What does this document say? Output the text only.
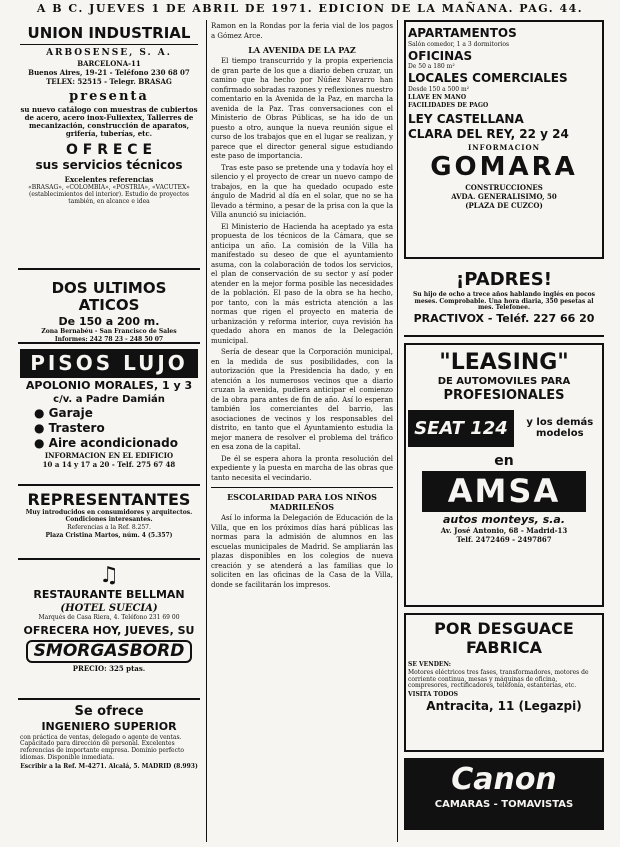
A B C. JUEVES 1 DE ABRIL DE 1971. EDICION DE LA MAÑANA. PAG. 44.
UNION INDUSTRIAL
ARBOSENSE, S. A.
BARCELONA-11
Buenos Aires, 19-21 - Teléfono 230 68 07
TELEX: 52515 - Telegr. BRASAG
presenta
su nuevo catálogo con muestras de cubiertos de acero, acero inox-Fuliextex, Tallerres de mecanización, construcción de aparatos, grifería, tuberías, etc.
O F R E C E
sus servicios técnicos
Excelentes referencias
«BRASAG», «COLOMBIA», «POSTRIA», «VACUTEX» (establecimientos del interior). Estudio de proyectos también, en alcance e idea
DOS ULTIMOS ATICOS
De 150 a 200 m.
Zona Bernabéu - San Francisco de Sales
Informes: 242 78 23 - 248 50 07
PISOS LUJO
APOLONIO MORALES, 1 y 3
c/v. a Padre Damián
● Garaje
● Trastero
● Aire acondicionado
INFORMACION EN EL EDIFICIO
10 a 14 y 17 a 20 - Telf. 275 67 48
REPRESENTANTES
Muy introducidos en consumidores y arquitectos. Condiciones interesantes.
Referencias a la Ref. 8.257.
Plaza Cristina Martos, núm. 4 (5.357)
♫
RESTAURANTE BELLMAN
(HOTEL SUECIA)
Marqués de Casa Riera, 4. Teléfono 231 69 00
OFRECERA HOY, JUEVES, SU
SMÖRGASBORD
PRECIO: 325 ptas.
Se ofrece
INGENIERO SUPERIOR
con práctica de ventas, delegado o agente de ventas. Capacitado para dirección de personal. Excelentes referencias de importante empresa. Dominio perfecto idiomas. Disponible inmediata.
Escribir a la Ref. M-4271. Alcalá, 5. MADRID (8.993)

Ramon en la Rondas por la feria vial de los pagos a Gómez Arce.

LA AVENIDA DE LA PAZ

El tiempo transcurrido y la propia experiencia de gran parte de los que a diario deben cruzar, un camino que ha hecho por Núñez Navarro han confirmado sobradas razones y reflexiones nuestro comentario en la Avenida de la Paz, en marcha la avenida de la Paz. Tras conversaciones con el Ministerio de Obras Públicas, se ha ido de un puesto a otro, aunque la nueva reunión sigue el curso de los trabajos que en el lugar se realizan, y parece que el director general sigue estudiando este paso de importancia.

Tras este paso se pretende una y todavía hoy el silencio y el proyecto de crear un nuevo campo de trabajos, en la que ha quedado ocupado este ángulo de Madrid al día en el solar, que no se ha llevado a término, a pesar de la prisa con la que la Villa anunció su iniciación.

El Ministerio de Hacienda ha aceptado ya esta propuesta de los técnicos de la Cámara, que se anticipa un año. La comisión de la Villa ha manifestado su deseo de que el ayuntamiento asuma, con la colaboración de todos los servicios, el plan de conservación de su sector y así poder atender en la mejor forma posible las necesidades de la población. El paso de la obra se ha hecho, por tanto, con la más estricta atención a las normas que rigen el proyecto en materia de urbanización y reforma interior, cuya revisión ha quedado ahora en manos de la Delegación municipal.

Sería de desear que la Corporación municipal, en la medida de sus posibilidades, con la autorización que la Presidencia ha dado, y en atención a los numerosos vecinos que a diario cruzan la avenida, pudiera anticipar el comienzo de la obra para antes de fin de año. Así lo esperan también los comerciantes del barrio, las asociaciones de vecinos y los responsables del distrito, en tanto que el Ayuntamiento estudia la mejor manera de resolver el problema del tráfico en esa zona de la capital.

De él se espera ahora la pronta resolución del expediente y la puesta en marcha de las obras que tanto necesita el vecindario.

ESCOLARIDAD PARA LOS NIÑOS MADRILEÑOS

Así lo informa la Delegación de Educación de la Villa, que en los próximos días hará públicas las normas para la admisión de alumnos en las escuelas municipales de Madrid. Se ampliarán las plazas disponibles en los colegios de nueva creación y se atenderá a las familias que lo soliciten en las oficinas de la Casa de la Villa, donde se facilitarán los impresos.

APARTAMENTOS
Salón comedor, 1 a 3 dormitorios
OFICINAS
De 50 a 180 m²
LOCALES COMERCIALES
Desde 150 a 500 m²
LLAVE EN MANO
FACILIDADES DE PAGO
LEY CASTELLANA
CLARA DEL REY, 22 y 24
INFORMACION
GOMARA
CONSTRUCCIONES
AVDA. GENERALISIMO, 50
(PLAZA DE CUZCO)
¡PADRES!
Su hijo de ocho a trece años hablando inglés en pocos meses. Comprobable. Una hora diaria, 350 pesetas al mes. Telefonee.
PRACTIVOX - Teléf. 227 66 20
"LEASING"
DE AUTOMOVILES PARA
PROFESIONALES
SEAT 124	y los demás modelos
en
AMSA
autos monteys, s.a.
Av. José Antonio, 68 - Madrid-13
Telf. 2472469 - 2497867
POR DESGUACE
FABRICA
SE VENDEN:
Motores eléctricos tres fases, transformadores, motores de corriente continua, mesas y máquinas de oficina, compresores, rectificadores, telefonía, estanterías, etc.
VISITA TODOS
Antracita, 11 (Legazpi)
Canon
CAMARAS - TOMAVISTAS
